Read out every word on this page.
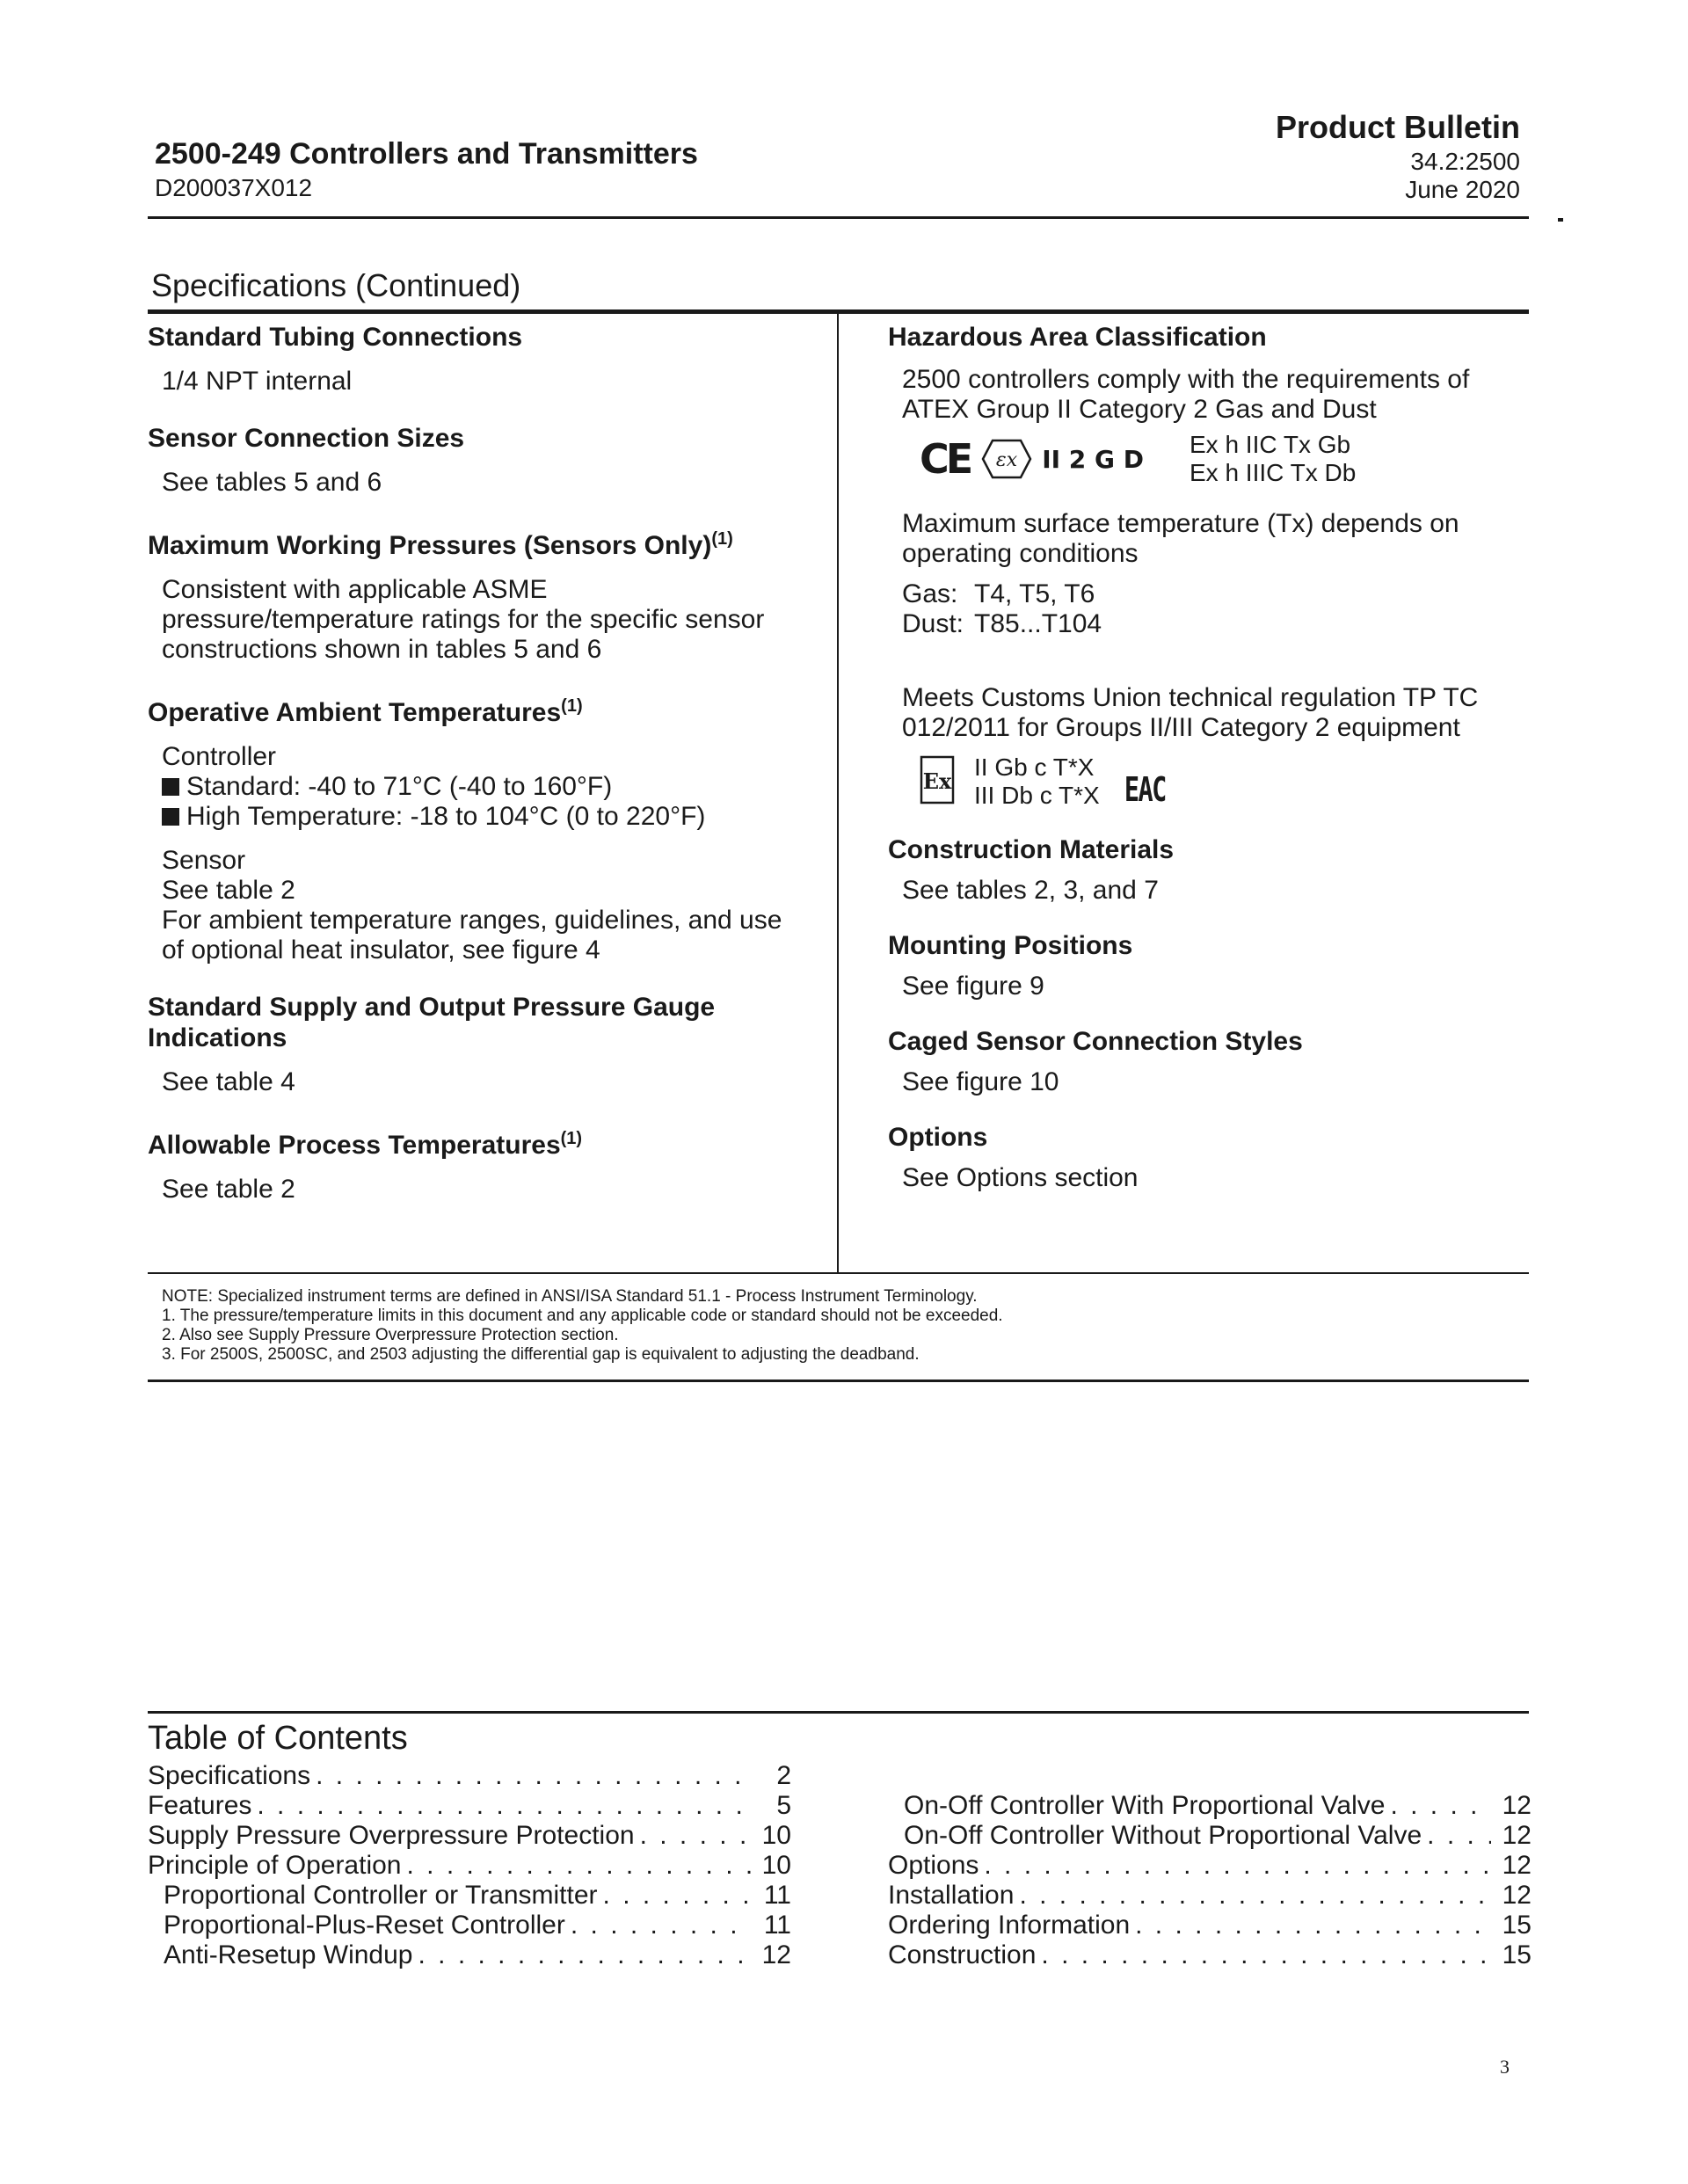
2500-249 Controllers and Transmitters
D200037X012
Product Bulletin
34.2:2500
June 2020
Specifications (Continued)
Standard Tubing Connections
1/4 NPT internal
Sensor Connection Sizes
See tables 5 and 6
Maximum Working Pressures (Sensors Only)$^{(1)}$
Consistent with applicable ASME
pressure/temperature ratings for the specific sensor
constructions shown in tables 5 and 6
Operative Ambient Temperatures$^{(1)}$
Controller
Standard: -40 to 71°C (-40 to 160°F)
High Temperature: -18 to 104°C (0 to 220°F)
Sensor
See table 2
For ambient temperature ranges, guidelines, and use
of optional heat insulator, see figure 4
Standard Supply and Output Pressure Gauge
Indications
See table 4
Allowable Process Temperatures$^{(1)}$
See table 2
Hazardous Area Classification
2500 controllers comply with the requirements of
ATEX Group II Category 2 Gas and Dust
CE εx II 2 G D Ex h IIC Tx Gb
Ex h IIIC Tx Db
Maximum surface temperature (Tx) depends on
operating conditions
Gas: T4, T5, T6
Dust: T85...T104
Meets Customs Union technical regulation TP TC
012/2011 for Groups II/III Category 2 equipment
Ex
II Gb c T*X
III Db c T*X EAC
Construction Materials
See tables 2, 3, and 7
Mounting Positions
See figure 9
Caged Sensor Connection Styles
See figure 10
Options
See Options section
NOTE: Specialized instrument terms are defined in ANSI/ISA Standard 51.1 - Process Instrument Terminology.
1. The pressure/temperature limits in this document and any applicable code or standard should not be exceeded.
2. Also see Supply Pressure Overpressure Protection section.
3. For 2500S, 2500SC, and 2503 adjusting the differential gap is equivalent to adjusting the deadband.
Table of Contents
Specifications . . .	2
Features . . .	5
Supply Pressure Overpressure Protection . . .	10
Principle of Operation . . .	10
Proportional Controller or Transmitter . . .	11
Proportional-Plus-Reset Controller . . .	11
Anti-Resetup Windup . . .	12
On-Off Controller With Proportional Valve . . .	12
On-Off Controller Without Proportional Valve . . .	12
Options . . .	12
Installation . . .	12
Ordering Information . . .	15
Construction . . .	15
3
